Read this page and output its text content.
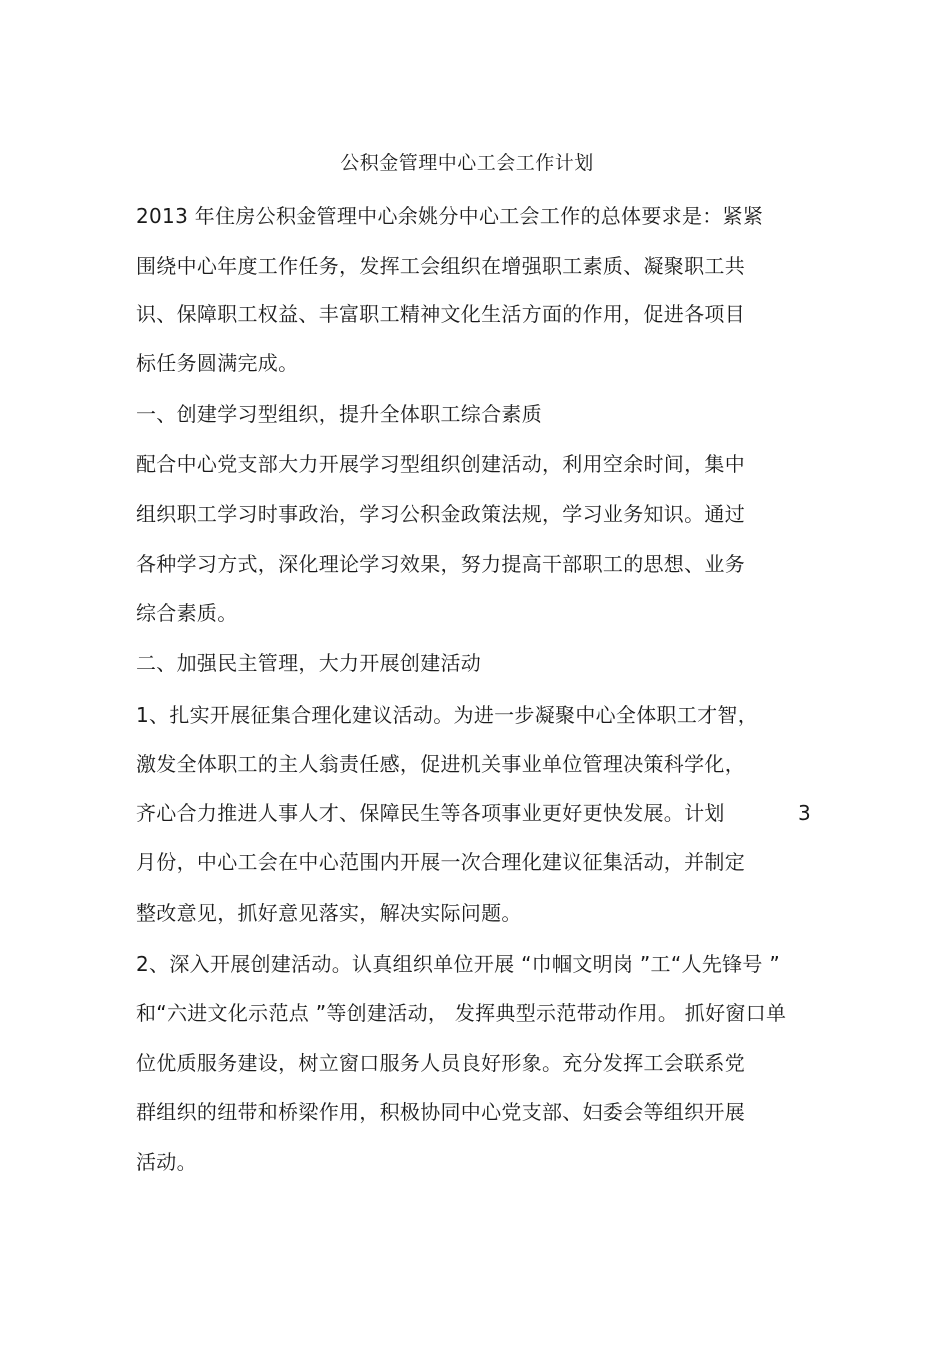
公积金管理中心工会工作计划
2013 年住房公积金管理中心余姚分中心工会工作的总体要求是：紧紧
围绕中心年度工作任务，发挥工会组织在增强职工素质、凝聚职工共
识、保障职工权益、丰富职工精神文化生活方面的作用，促进各项目
标任务圆满完成。
一、创建学习型组织，提升全体职工综合素质
配合中心党支部大力开展学习型组织创建活动，利用空余时间，集中
组织职工学习时事政治，学习公积金政策法规，学习业务知识。通过
各种学习方式，深化理论学习效果，努力提高干部职工的思想、业务
综合素质。
二、加强民主管理，大力开展创建活动
1、扎实开展征集合理化建议活动。为进一步凝聚中心全体职工才智，
激发全体职工的主人翁责任感，促进机关事业单位管理决策科学化，
齐心合力推进人事人才、保障民生等各项事业更好更快发展。计划	3
月份，中心工会在中心范围内开展一次合理化建议征集活动，并制定
整改意见，抓好意见落实，解决实际问题。
2、深入开展创建活动。认真组织单位开展 “巾帼文明岗 ”工“人先锋号 ”
和“六进文化示范点 ”等创建活动， 发挥典型示范带动作用。 抓好窗口单
位优质服务建设，树立窗口服务人员良好形象。充分发挥工会联系党
群组织的纽带和桥梁作用，积极协同中心党支部、妇委会等组织开展
活动。
